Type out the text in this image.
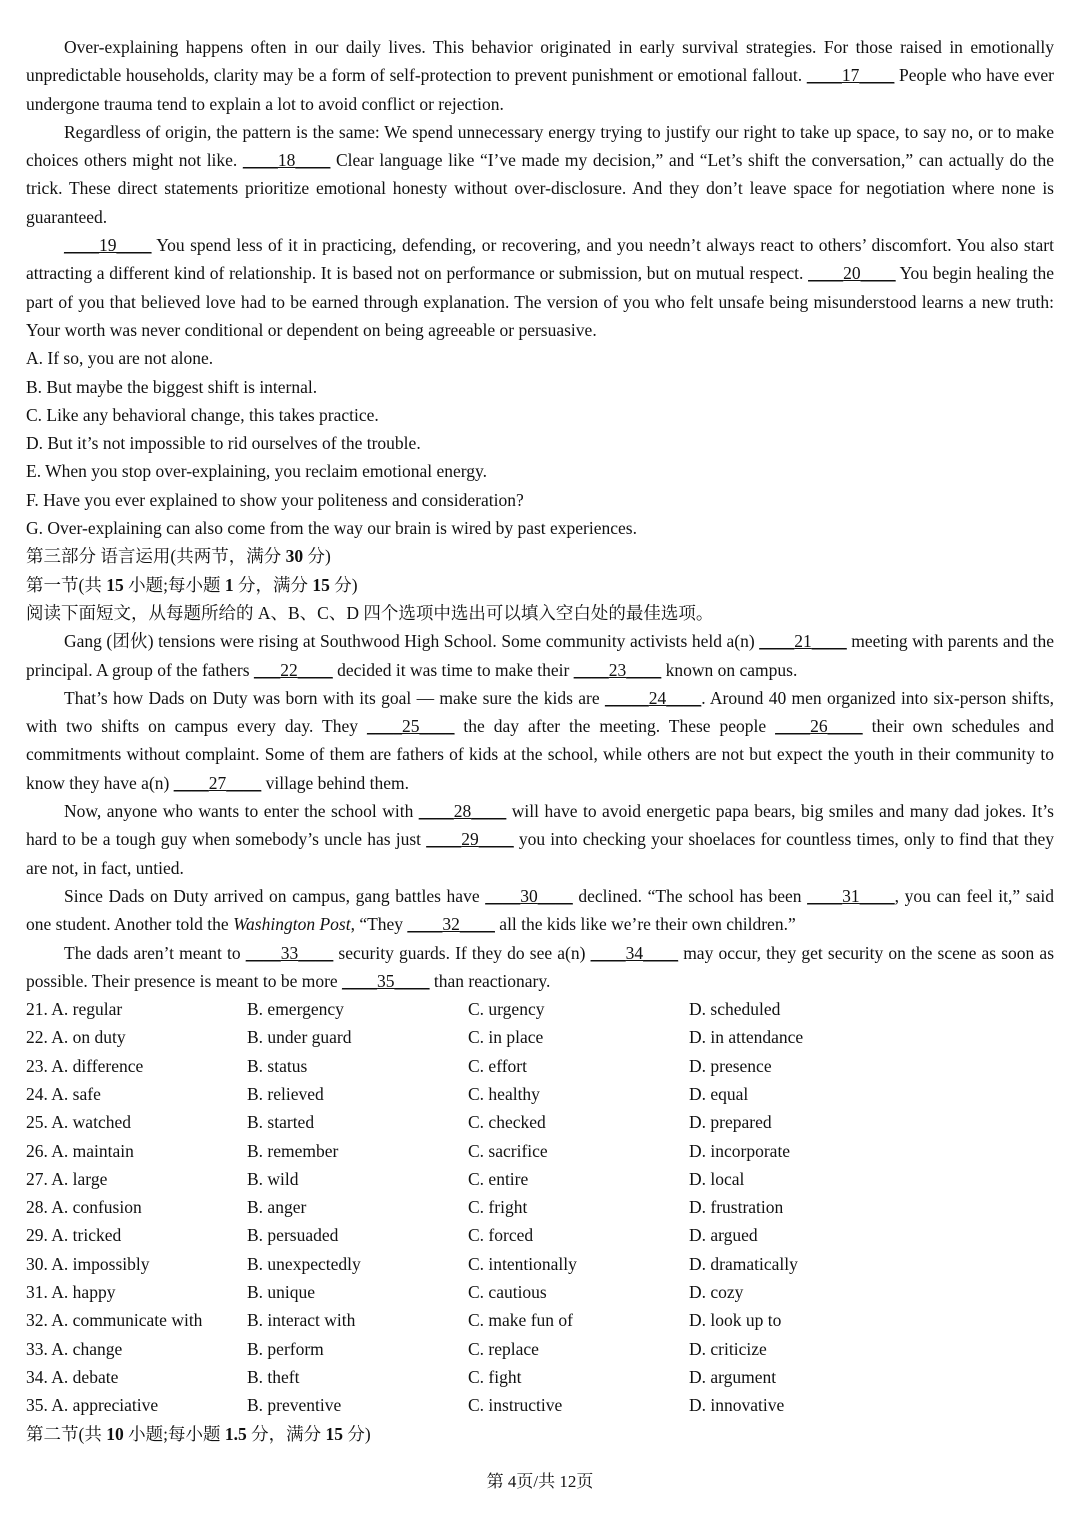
Over-explaining happens often in our daily lives. This behavior originated in early survival strategies. For those raised in emotionally unpredictable households, clarity may be a form of self-protection to prevent punishment or emotional fallout. ____17____ People who have ever undergone trauma tend to explain a lot to avoid conflict or rejection.

Regardless of origin, the pattern is the same: We spend unnecessary energy trying to justify our right to take up space, to say no, or to make choices others might not like. ____18____ Clear language like “I’ve made my decision,” and “Let’s shift the conversation,” can actually do the trick. These direct statements prioritize emotional honesty without over-disclosure. And they don’t leave space for negotiation where none is guaranteed.

____19____ You spend less of it in practicing, defending, or recovering, and you needn’t always react to others’ discomfort. You also start attracting a different kind of relationship. It is based not on performance or submission, but on mutual respect. ____20____ You begin healing the part of you that believed love had to be earned through explanation. The version of you who felt unsafe being misunderstood learns a new truth: Your worth was never conditional or dependent on being agreeable or persuasive.

A. If so, you are not alone.

B. But maybe the biggest shift is internal.

C. Like any behavioral change, this takes practice.

D. But it’s not impossible to rid ourselves of the trouble.

E. When you stop over-explaining, you reclaim emotional energy.

F. Have you ever explained to show your politeness and consideration?

G. Over-explaining can also come from the way our brain is wired by past experiences.

第三部分 语言运用(共两节，满分 30 分)

第一节(共 15 小题;每小题 1 分，满分 15 分)

阅读下面短文，从每题所给的 A、B、C、D 四个选项中选出可以填入空白处的最佳选项。

Gang (团伙) tensions were rising at Southwood High School. Some community activists held a(n) ____21____ meeting with parents and the principal. A group of the fathers ___22____ decided it was time to make their ____23____ known on campus.

That’s how Dads on Duty was born with its goal — make sure the kids are _____24____. Around 40 men organized into six-person shifts, with two shifts on campus every day. They ____25____ the day after the meeting. These people ____26____ their own schedules and commitments without complaint. Some of them are fathers of kids at the school, while others are not but expect the youth in their community to know they have a(n) ____27____ village behind them.

Now, anyone who wants to enter the school with ____28____ will have to avoid energetic papa bears, big smiles and many dad jokes. It’s hard to be a tough guy when somebody’s uncle has just ____29____ you into checking your shoelaces for countless times, only to find that they are not, in fact, untied.

Since Dads on Duty arrived on campus, gang battles have ____30____ declined. “The school has been ____31____, you can feel it,” said one student. Another told the Washington Post, “They ____32____ all the kids like we’re their own children.”

The dads aren’t meant to ____33____ security guards. If they do see a(n) ____34____ may occur, they get security on the scene as soon as possible. Their presence is meant to be more ____35____ than reactionary.

21. A. regular	B. emergency	C. urgency	D. scheduled
22. A. on duty	B. under guard	C. in place	D. in attendance
23. A. difference	B. status	C. effort	D. presence
24. A. safe	B. relieved	C. healthy	D. equal
25. A. watched	B. started	C. checked	D. prepared
26. A. maintain	B. remember	C. sacrifice	D. incorporate
27. A. large	B. wild	C. entire	D. local
28. A. confusion	B. anger	C. fright	D. frustration
29. A. tricked	B. persuaded	C. forced	D. argued
30. A. impossibly	B. unexpectedly	C. intentionally	D. dramatically
31. A. happy	B. unique	C. cautious	D. cozy
32. A. communicate with	B. interact with	C. make fun of	D. look up to
33. A. change	B. perform	C. replace	D. criticize
34. A. debate	B. theft	C. fight	D. argument
35. A. appreciative	B. preventive	C. instructive	D. innovative

第二节(共 10 小题;每小题 1.5 分，满分 15 分)

第 4页/共 12页
